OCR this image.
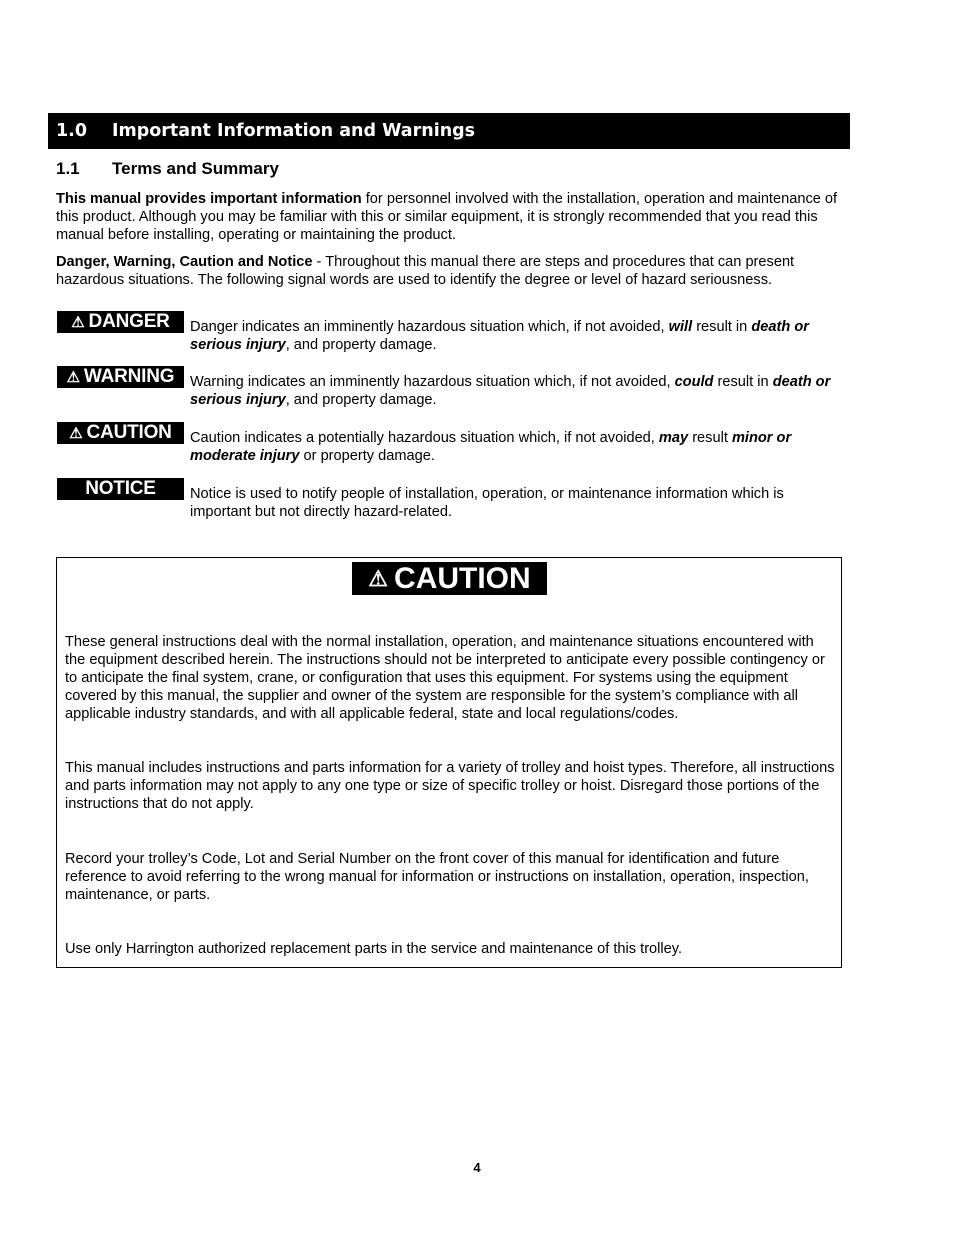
1.0	Important Information and Warnings
1.1	Terms and Summary

This manual provides important information for personnel involved with the installation, operation and maintenance of this product. Although you may be familiar with this or similar equipment, it is strongly recommended that you read this manual before installing, operating or maintaining the product.

Danger, Warning, Caution and Notice - Throughout this manual there are steps and procedures that can present hazardous situations. The following signal words are used to identify the degree or level of hazard seriousness.

⚠ DANGER Danger indicates an imminently hazardous situation which, if not avoided, will result in death or serious injury, and property damage.
⚠ WARNING Warning indicates an imminently hazardous situation which, if not avoided, could result in death or serious injury, and property damage.
⚠ CAUTION Caution indicates a potentially hazardous situation which, if not avoided, may result minor or moderate injury or property damage.
NOTICE Notice is used to notify people of installation, operation, or maintenance information which is important but not directly hazard-related.
⚠ CAUTION

These general instructions deal with the normal installation, operation, and maintenance situations encountered with the equipment described herein. The instructions should not be interpreted to anticipate every possible contingency or to anticipate the final system, crane, or configuration that uses this equipment. For systems using the equipment covered by this manual, the supplier and owner of the system are responsible for the system’s compliance with all applicable industry standards, and with all applicable federal, state and local regulations/codes.

This manual includes instructions and parts information for a variety of trolley and hoist types. Therefore, all instructions and parts information may not apply to any one type or size of specific trolley or hoist. Disregard those portions of the instructions that do not apply.

Record your trolley’s Code, Lot and Serial Number on the front cover of this manual for identification and future reference to avoid referring to the wrong manual for information or instructions on installation, operation, inspection, maintenance, or parts.

Use only Harrington authorized replacement parts in the service and maintenance of this trolley.

4
